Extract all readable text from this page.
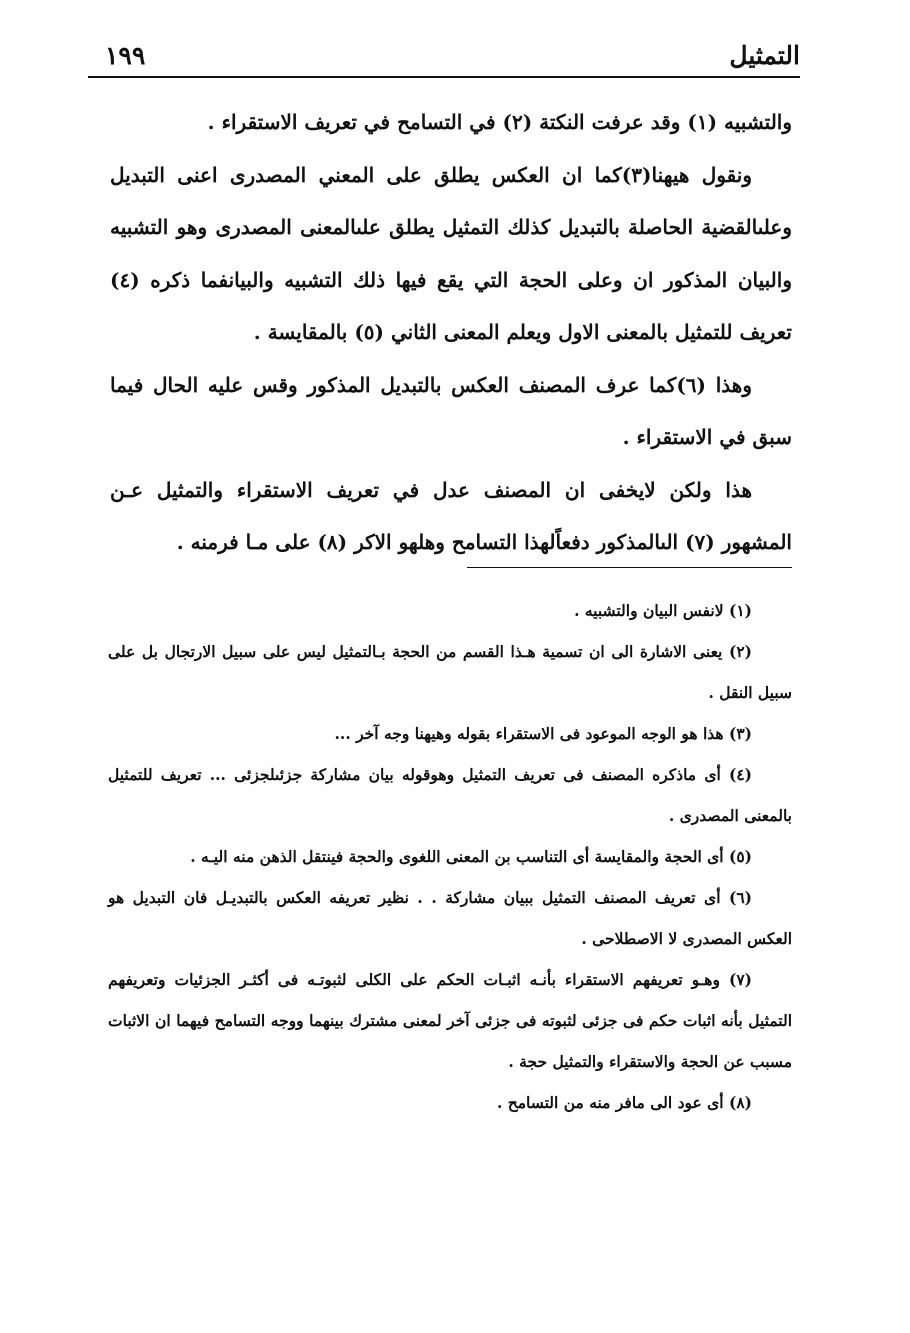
التمثيل
١٩٩

والتشبيه (١) وقد عرفت النكتة (٢) في التسامح في تعريف الاستقراء .

ونقول هيهنا(٣)كما ان العكس يطلق على المعني المصدرى اعنى التبديل وعلىالقضية الحاصلة بالتبديل كذلك التمثيل يطلق علىالمعنى المصدرى وهو التشبيه والبيان المذكور ان وعلى الحجة التي يقع فيها ذلك التشبيه والبيانفما ذكره (٤) تعريف للتمثيل بالمعنى الاول ويعلم المعنى الثاني (٥) بالمقايسة .

وهذا (٦)كما عرف المصنف العكس بالتبديل المذكور وقس عليه الحال فيما سبق في الاستقراء .

هذا ولكن لايخفى ان المصنف عدل في تعريف الاستقراء والتمثيل عـن المشهور (٧) الىالمذكور دفعاًلهذا التسامح وهلهو الاكر (٨) على مـا فرمنه .

(١) لانفس البيان والتشبيه .

(٢) يعنى الاشارة الى ان تسمية هـذا القسم من الحجة بـالتمثيل ليس على سبيل الارتجال بل على سبيل النقل .

(٣) هذا هو الوجه الموعود فى الاستقراء بقوله وهيهنا وجه آخر ...

(٤) أى ماذكره المصنف فى تعريف التمثيل وهوقوله بيان مشاركة جزئىلجزئى ... تعريف للتمثيل بالمعنى المصدرى .

(٥) أى الحجة والمقايسة أى التناسب بن المعنى اللغوى والحجة فينتقل الذهن منه اليـه .

(٦) أى تعريف المصنف التمثيل ببيان مشاركة . . نظير تعريفه العكس بالتبديـل فان التبديل هو العكس المصدرى لا الاصطلاحى .

(٧) وهـو تعريفهم الاستقراء بأنـه اثبـات الحكم على الكلى لثبوتـه فى أكثـر الجزئيات وتعريفهم التمثيل بأنه اثبات حكم فى جزئى لثبوته فى جزئى آخر لمعنى مشترك بينهما ووجه التسامح فيهما ان الاثبات مسبب عن الحجة والاستقراء والتمثيل حجة .

(٨) أى عود الى مافر منه من التسامح .
